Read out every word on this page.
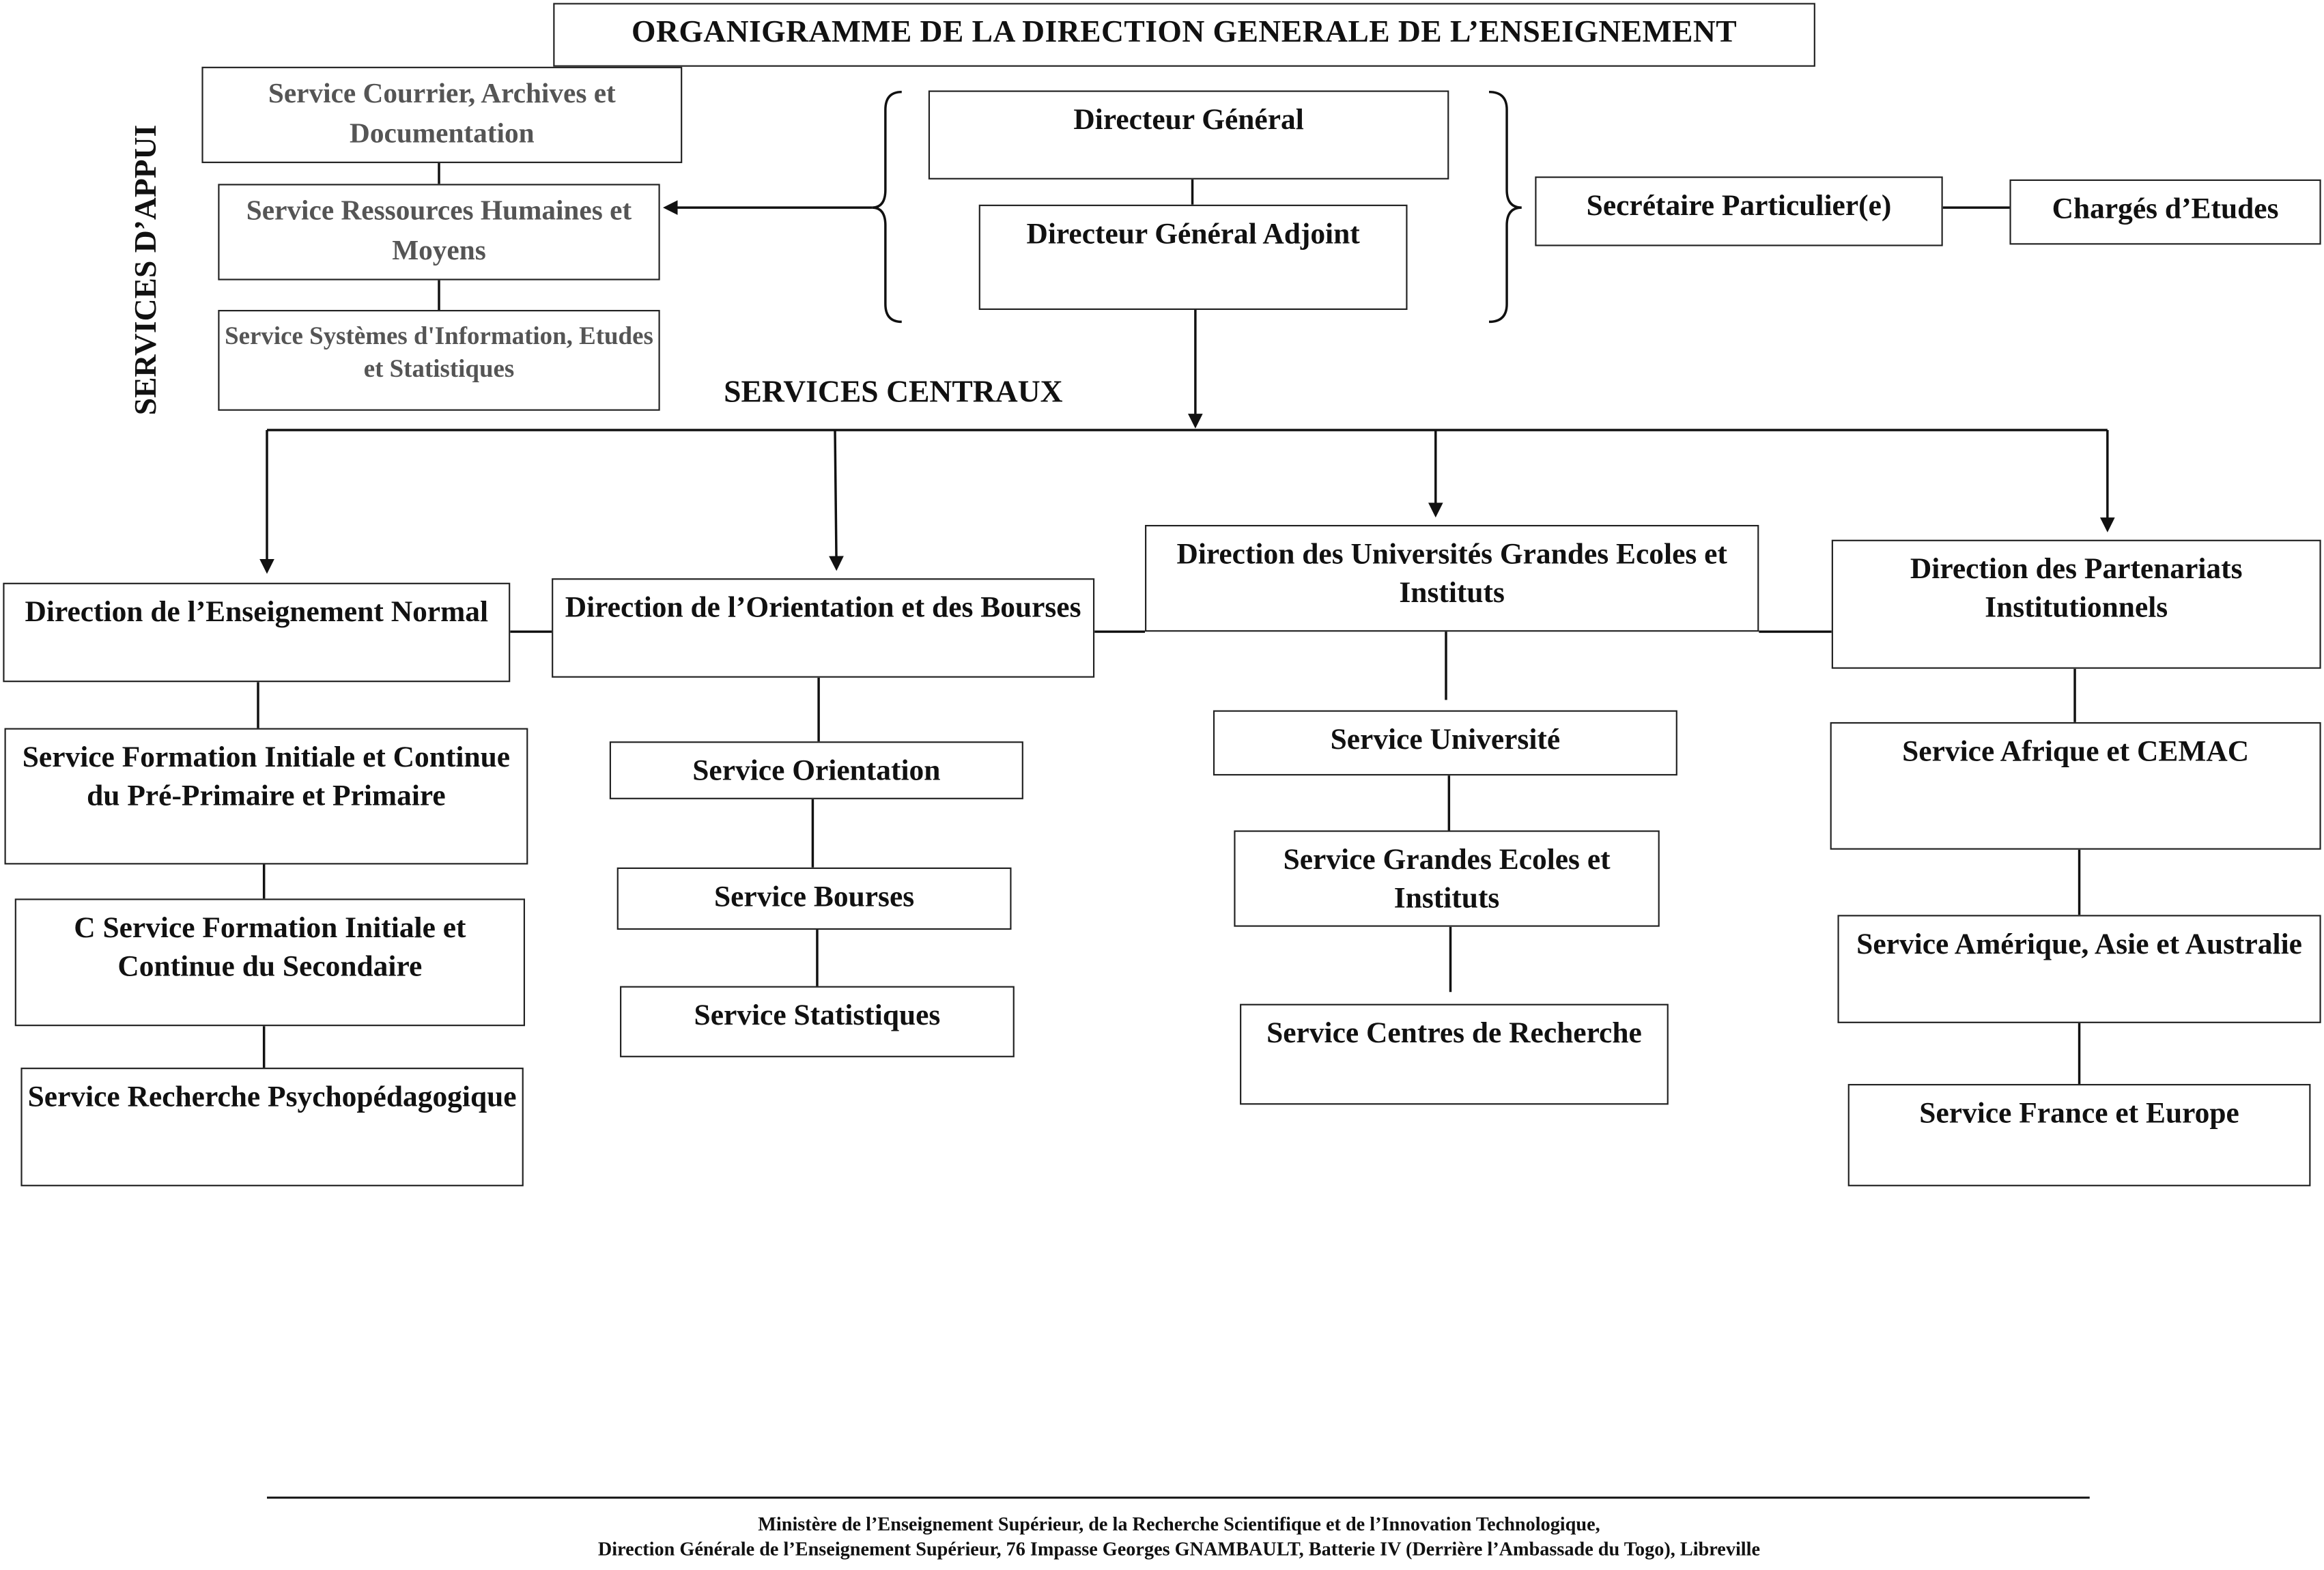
ORGANIGRAMME DE LA DIRECTION GENERALE DE L’ENSEIGNEMENT
SERVICES D’APPUI
Service Courrier, Archives et Documentation
Service Ressources Humaines et Moyens
Service Systèmes d'Information, Etudes et Statistiques
Directeur Général
Directeur Général Adjoint
Secrétaire Particulier(e)	Chargés d’Etudes
SERVICES CENTRAUX
Direction de l’Enseignement Normal
Service Formation Initiale et Continue du Pré-Primaire et Primaire
C Service Formation Initiale et Continue du Secondaire
Service Recherche Psychopédagogique
Direction de l’Orientation et des Bourses
Service Orientation
Service Bourses
Service Statistiques
Direction des Universités Grandes Ecoles et Instituts
Service Université
Service Grandes Ecoles et Instituts
Service Centres de Recherche
Direction des Partenariats Institutionnels
Service Afrique et CEMAC
Service Amérique, Asie et Australie
Service France et Europe
Ministère de l’Enseignement Supérieur, de la Recherche Scientifique et de l’Innovation Technologique,
Direction Générale de l’Enseignement Supérieur, 76 Impasse Georges GNAMBAULT, Batterie IV (Derrière l’Ambassade du Togo), Libreville
